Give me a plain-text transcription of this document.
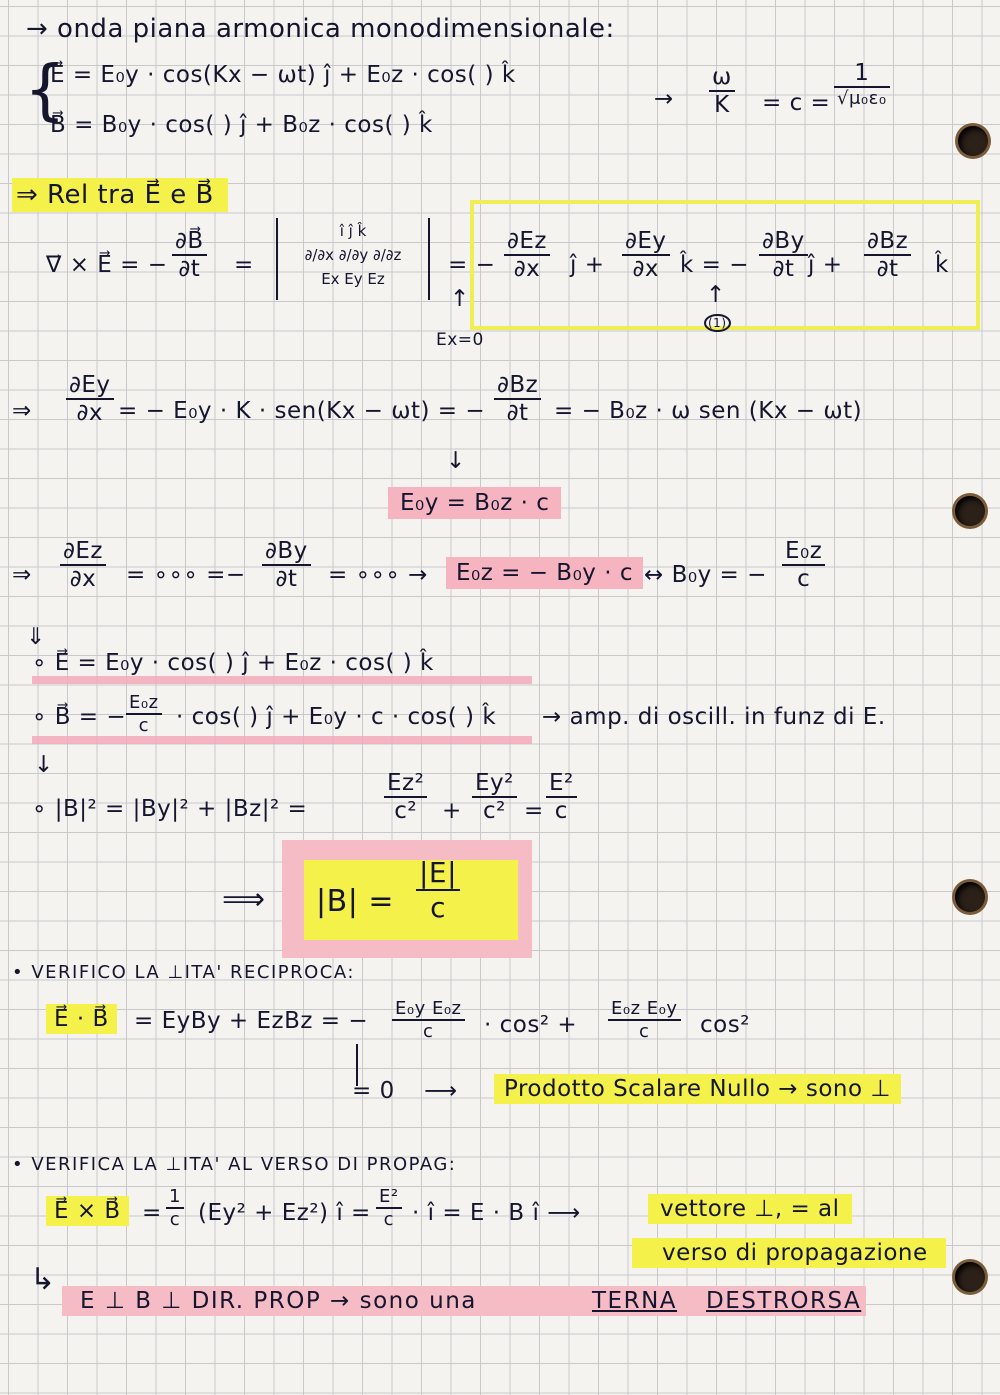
→ onda piana armonica monodimensionale:
{
E⃗ = E₀y · cos(Kx − ωt) ĵ + E₀z · cos( ) k̂
B⃗ = B₀y · cos( ) ĵ + B₀z · cos( ) k̂
→ $\frac{\omega}{K} = c = \frac{1}{\text{√μ₀ε₀}}$
⇒ Rel tra E⃗ e B⃗
∇⃗ × E⃗ = − $\frac{\partial B⃗}{\partial t}$ =
î ĵ k̂
∂/∂x ∂/∂y ∂/∂z
Ex Ey Ez
= − $\frac{\partial Ez}{\partial x}$ ĵ + $\frac{\partial Ey}{\partial x}$ k̂ = − $\frac{\partial By}{\partial t}$ ĵ + $\frac{\partial Bz}{\partial t}$ k̂
↑
Ex=0
↑
(1)
⇒ $\frac{\partial Ey}{\partial x}$ = − E₀y · K · sen(Kx − ωt) = − $\frac{\partial Bz}{\partial t}$ = − B₀z · ω sen (Kx − ωt)
↓
E₀y = B₀z · c
⇒ $\frac{\partial Ez}{\partial x}$ = ∘∘∘ =− $\frac{\partial By}{\partial t}$ = ∘∘∘ →	E₀z = − B₀y · c ↔ B₀y = − $\frac{\text{E₀z}}{c}$
⇓
∘ E⃗ = E₀y · cos( ) ĵ + E₀z · cos( ) k̂
∘ B⃗ = − $\frac{\text{E₀z}}{c} \cdot \cos$( ) ĵ + E₀y · c · cos( ) k̂ → amp. di oscill. in funz di E.
↓
∘ |B|² = |By|² + |Bz|² =	$\frac{\text{Ez²}}{\text{c²}} + \frac{\text{Ey²}}{\text{c²}} = \frac{\text{E²}}{c}$
⟹ $|B| = \frac{|E|}{c}$
• VERIFICO LA ⊥ITA' RECIPROCA:
E⃗ · B⃗	= EyBy + EzBz = − $\frac{\text{E₀y E₀z}}{c} \cdot \cos^2 + \frac{\text{E₀z E₀y}}{c} \cos^2$
= 0 ⟶	Prodotto Scalare Nullo → sono ⊥
• VERIFICA LA ⊥ITA' AL VERSO DI PROPAG:
E⃗ × B⃗ = $\frac{1}{c} (Ey^2 + Ez^2)$ î = $\frac{\text{E²}}{c}$ · î = E · B î ⟶	vettore ⊥, = al
verso di propagazione
↳
E ⊥ B ⊥ DIR. PROP → sono una	TERNA DESTRORSA
